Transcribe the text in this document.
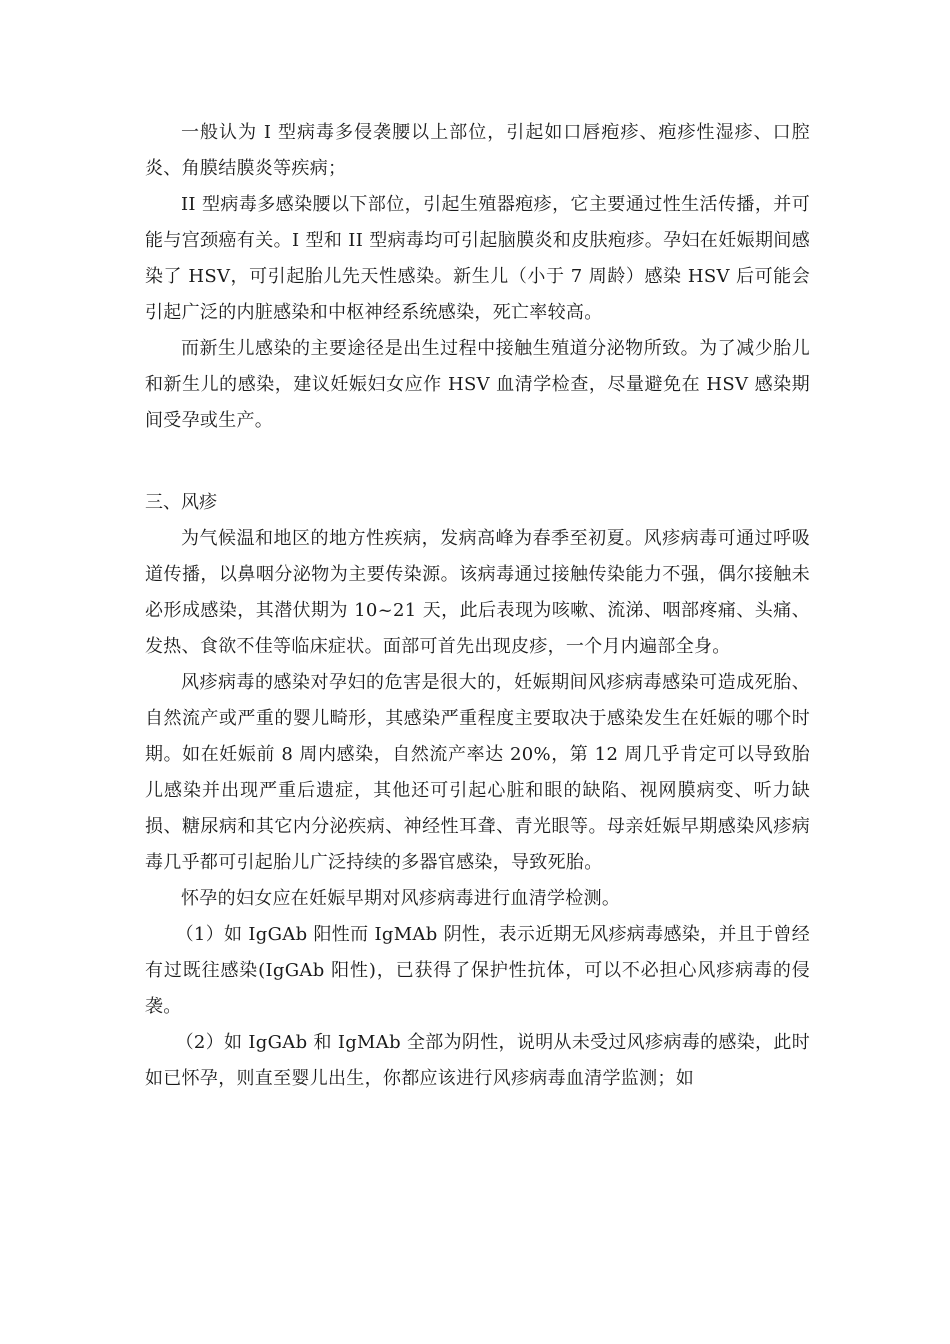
一般认为 I 型病毒多侵袭腰以上部位，引起如口唇疱疹、疱疹性湿疹、口腔炎、角膜结膜炎等疾病；

II 型病毒多感染腰以下部位，引起生殖器疱疹，它主要通过性生活传播，并可能与宫颈癌有关。I 型和 II 型病毒均可引起脑膜炎和皮肤疱疹。孕妇在妊娠期间感染了 HSV，可引起胎儿先天性感染。新生儿（小于 7 周龄）感染 HSV 后可能会引起广泛的内脏感染和中枢神经系统感染，死亡率较高。

而新生儿感染的主要途径是出生过程中接触生殖道分泌物所致。为了减少胎儿和新生儿的感染，建议妊娠妇女应作 HSV 血清学检查，尽量避免在 HSV 感染期间受孕或生产。

三、风疹

为气候温和地区的地方性疾病，发病高峰为春季至初夏。风疹病毒可通过呼吸道传播，以鼻咽分泌物为主要传染源。该病毒通过接触传染能力不强，偶尔接触未必形成感染，其潜伏期为 10~21 天，此后表现为咳嗽、流涕、咽部疼痛、头痛、发热、食欲不佳等临床症状。面部可首先出现皮疹，一个月内遍部全身。

风疹病毒的感染对孕妇的危害是很大的，妊娠期间风疹病毒感染可造成死胎、自然流产或严重的婴儿畸形，其感染严重程度主要取决于感染发生在妊娠的哪个时期。如在妊娠前 8 周内感染，自然流产率达 20%，第 12 周几乎肯定可以导致胎儿感染并出现严重后遗症，其他还可引起心脏和眼的缺陷、视网膜病变、听力缺损、糖尿病和其它内分泌疾病、神经性耳聋、青光眼等。母亲妊娠早期感染风疹病毒几乎都可引起胎儿广泛持续的多器官感染，导致死胎。

怀孕的妇女应在妊娠早期对风疹病毒进行血清学检测。

（1）如 IgGAb 阳性而 IgMAb 阴性，表示近期无风疹病毒感染，并且于曾经有过既往感染(IgGAb 阳性)，已获得了保护性抗体，可以不必担心风疹病毒的侵袭。

（2）如 IgGAb 和 IgMAb 全部为阴性，说明从未受过风疹病毒的感染，此时如已怀孕，则直至婴儿出生，你都应该进行风疹病毒血清学监测；如
